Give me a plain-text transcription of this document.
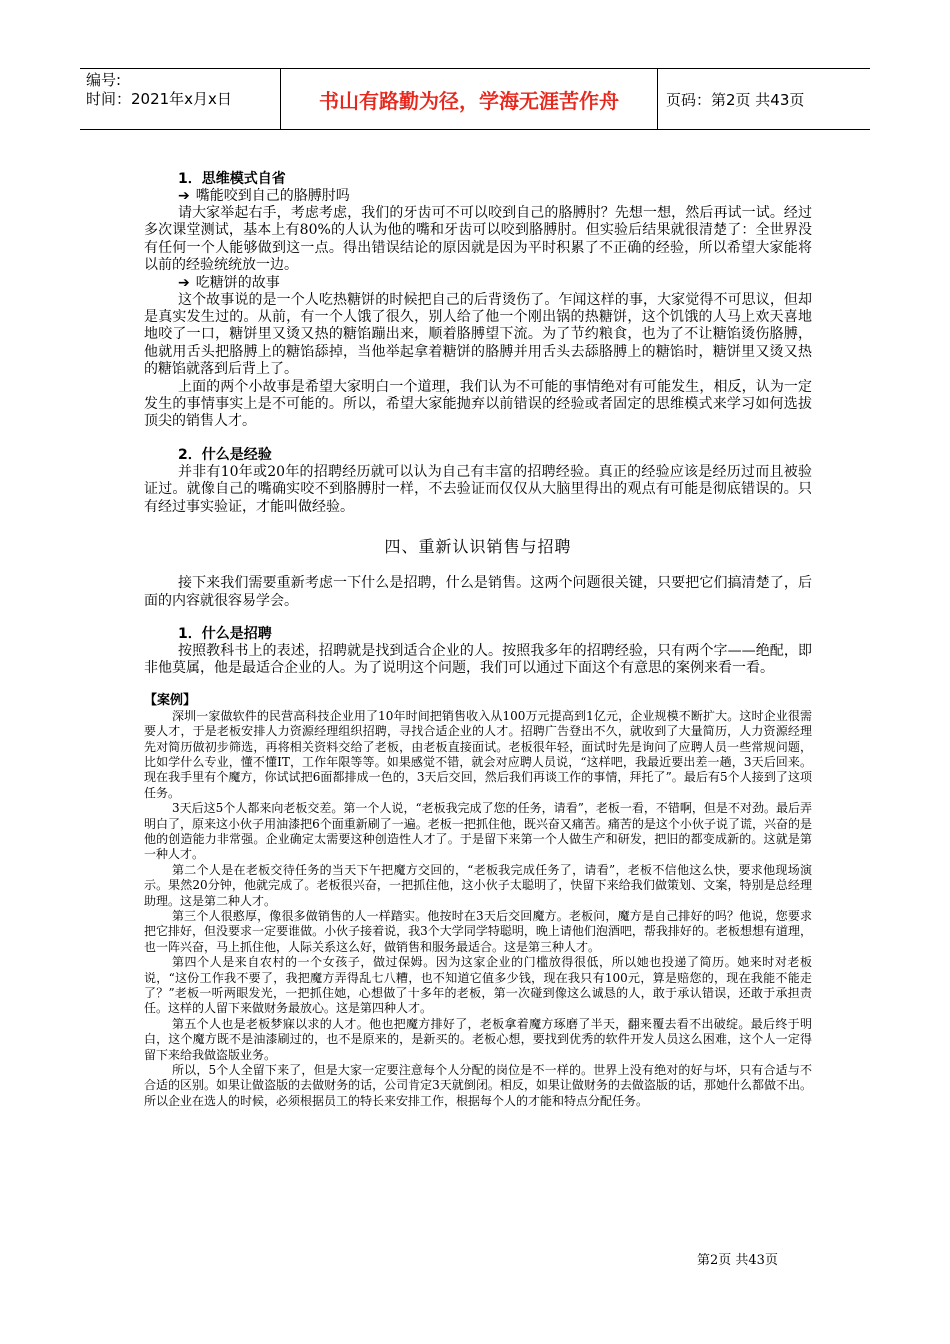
编号:
时间：2021年x月x日	书山有路勤为径，学海无涯苦作舟	页码：第2页 共43页

1．思维模式自省

➔ 嘴能咬到自己的胳膊肘吗

请大家举起右手，考虑考虑，我们的牙齿可不可以咬到自己的胳膊肘？先想一想，然后再试一试。经过多次课堂测试，基本上有80%的人认为他的嘴和牙齿可以咬到胳膊肘。但实验后结果就很清楚了：全世界没有任何一个人能够做到这一点。得出错误结论的原因就是因为平时积累了不正确的经验，所以希望大家能将以前的经验统统放一边。

➔ 吃糖饼的故事

这个故事说的是一个人吃热糖饼的时候把自己的后背烫伤了。乍闻这样的事，大家觉得不可思议，但却是真实发生过的。从前，有一个人饿了很久，别人给了他一个刚出锅的热糖饼，这个饥饿的人马上欢天喜地地咬了一口，糖饼里又烫又热的糖馅蹦出来，顺着胳膊望下流。为了节约粮食，也为了不让糖馅烫伤胳膊，他就用舌头把胳膊上的糖馅舔掉，当他举起拿着糖饼的胳膊并用舌头去舔胳膊上的糖馅时，糖饼里又烫又热的糖馅就落到后背上了。

上面的两个小故事是希望大家明白一个道理，我们认为不可能的事情绝对有可能发生，相反，认为一定发生的事情事实上是不可能的。所以，希望大家能抛弃以前错误的经验或者固定的思维模式来学习如何选拔顶尖的销售人才。

2．什么是经验

并非有10年或20年的招聘经历就可以认为自己有丰富的招聘经验。真正的经验应该是经历过而且被验证过。就像自己的嘴确实咬不到胳膊肘一样，不去验证而仅仅从大脑里得出的观点有可能是彻底错误的。只有经过事实验证，才能叫做经验。

四、重新认识销售与招聘

接下来我们需要重新考虑一下什么是招聘，什么是销售。这两个问题很关键，只要把它们搞清楚了，后面的内容就很容易学会。

1．什么是招聘

按照教科书上的表述，招聘就是找到适合企业的人。按照我多年的招聘经验，只有两个字——绝配，即非他莫属，他是最适合企业的人。为了说明这个问题，我们可以通过下面这个有意思的案例来看一看。

【案例】

深圳一家做软件的民营高科技企业用了10年时间把销售收入从100万元提高到1亿元，企业规模不断扩大。这时企业很需要人才，于是老板安排人力资源经理组织招聘，寻找合适企业的人才。招聘广告登出不久，就收到了大量简历，人力资源经理先对简历做初步筛选，再将相关资料交给了老板，由老板直接面试。老板很年轻，面试时先是询问了应聘人员一些常规问题，比如学什么专业，懂不懂IT，工作年限等等。如果感觉不错，就会对应聘人员说，“这样吧，我最近要出差一趟，3天后回来。现在我手里有个魔方，你试试把6面都排成一色的，3天后交回，然后我们再谈工作的事情，拜托了”。最后有5个人接到了这项任务。

3天后这5个人都来向老板交差。第一个人说，“老板我完成了您的任务，请看”，老板一看，不错啊，但是不对劲。最后弄明白了，原来这小伙子用油漆把6个面重新刷了一遍。老板一把抓住他，既兴奋又痛苦。痛苦的是这个小伙子说了谎，兴奋的是他的创造能力非常强。企业确定太需要这种创造性人才了。于是留下来第一个人做生产和研发，把旧的都变成新的。这就是第一种人才。

第二个人是在老板交待任务的当天下午把魔方交回的，“老板我完成任务了，请看”，老板不信他这么快，要求他现场演示。果然20分钟，他就完成了。老板很兴奋，一把抓住他，这小伙子太聪明了，快留下来给我们做策划、文案，特别是总经理助理。这是第二种人才。

第三个人很憨厚，像很多做销售的人一样踏实。他按时在3天后交回魔方。老板问，魔方是自己排好的吗？他说，您要求把它排好，但没要求一定要谁做。小伙子接着说，我3个大学同学特聪明，晚上请他们泡酒吧，帮我排好的。老板想想有道理，也一阵兴奋，马上抓住他，人际关系这么好，做销售和服务最适合。这是第三种人才。

第四个人是来自农村的一个女孩子，做过保姆。因为这家企业的门槛放得很低，所以她也投递了简历。她来时对老板说，“这份工作我不要了，我把魔方弄得乱七八糟，也不知道它值多少钱，现在我只有100元，算是赔您的，现在我能不能走了？”老板一听两眼发光，一把抓住她，心想做了十多年的老板，第一次碰到像这么诚恳的人，敢于承认错误，还敢于承担责任。这样的人留下来做财务最放心。这是第四种人才。

第五个人也是老板梦寐以求的人才。他也把魔方排好了，老板拿着魔方琢磨了半天，翻来覆去看不出破绽。最后终于明白，这个魔方既不是油漆刷过的，也不是原来的，是新买的。老板心想，要找到优秀的软件开发人员这么困难，这个人一定得留下来给我做盗版业务。

所以，5个人全留下来了，但是大家一定要注意每个人分配的岗位是不一样的。世界上没有绝对的好与坏，只有合适与不合适的区别。如果让做盗版的去做财务的话，公司肯定3天就倒闭。相反，如果让做财务的去做盗版的话，那她什么都做不出。所以企业在选人的时候，必须根据员工的特长来安排工作，根据每个人的才能和特点分配任务。

第2页 共43页
